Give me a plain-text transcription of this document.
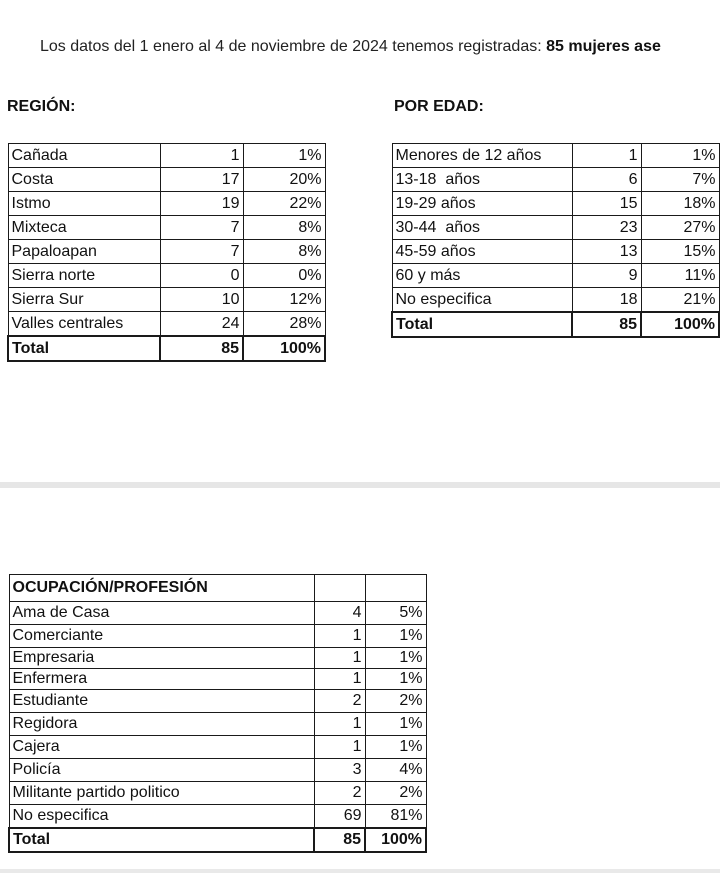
Los datos del 1 enero al 4 de noviembre de 2024 tenemos registradas: 85 mujeres ase
REGIÓN:	POR EDAD:
Cañada	1	1%
Costa	17	20%
Istmo	19	22%
Mixteca	7	8%
Papaloapan	7	8%
Sierra norte	0	0%
Sierra Sur	10	12%
Valles centrales	24	28%
Total	85	100%
Menores de 12 años	1	1%
13-18  años	6	7%
19-29 años	15	18%
30-44  años	23	27%
45-59 años	13	15%
60 y más	9	11%
No especifica	18	21%
Total	85	100%
OCUPACIÓN/PROFESIÓN		
Ama de Casa	4	5%
Comerciante	1	1%
Empresaria	1	1%
Enfermera	1	1%
Estudiante	2	2%
Regidora	1	1%
Cajera	1	1%
Policía	3	4%
Militante partido politico	2	2%
No especifica	69	81%
Total	85	100%
